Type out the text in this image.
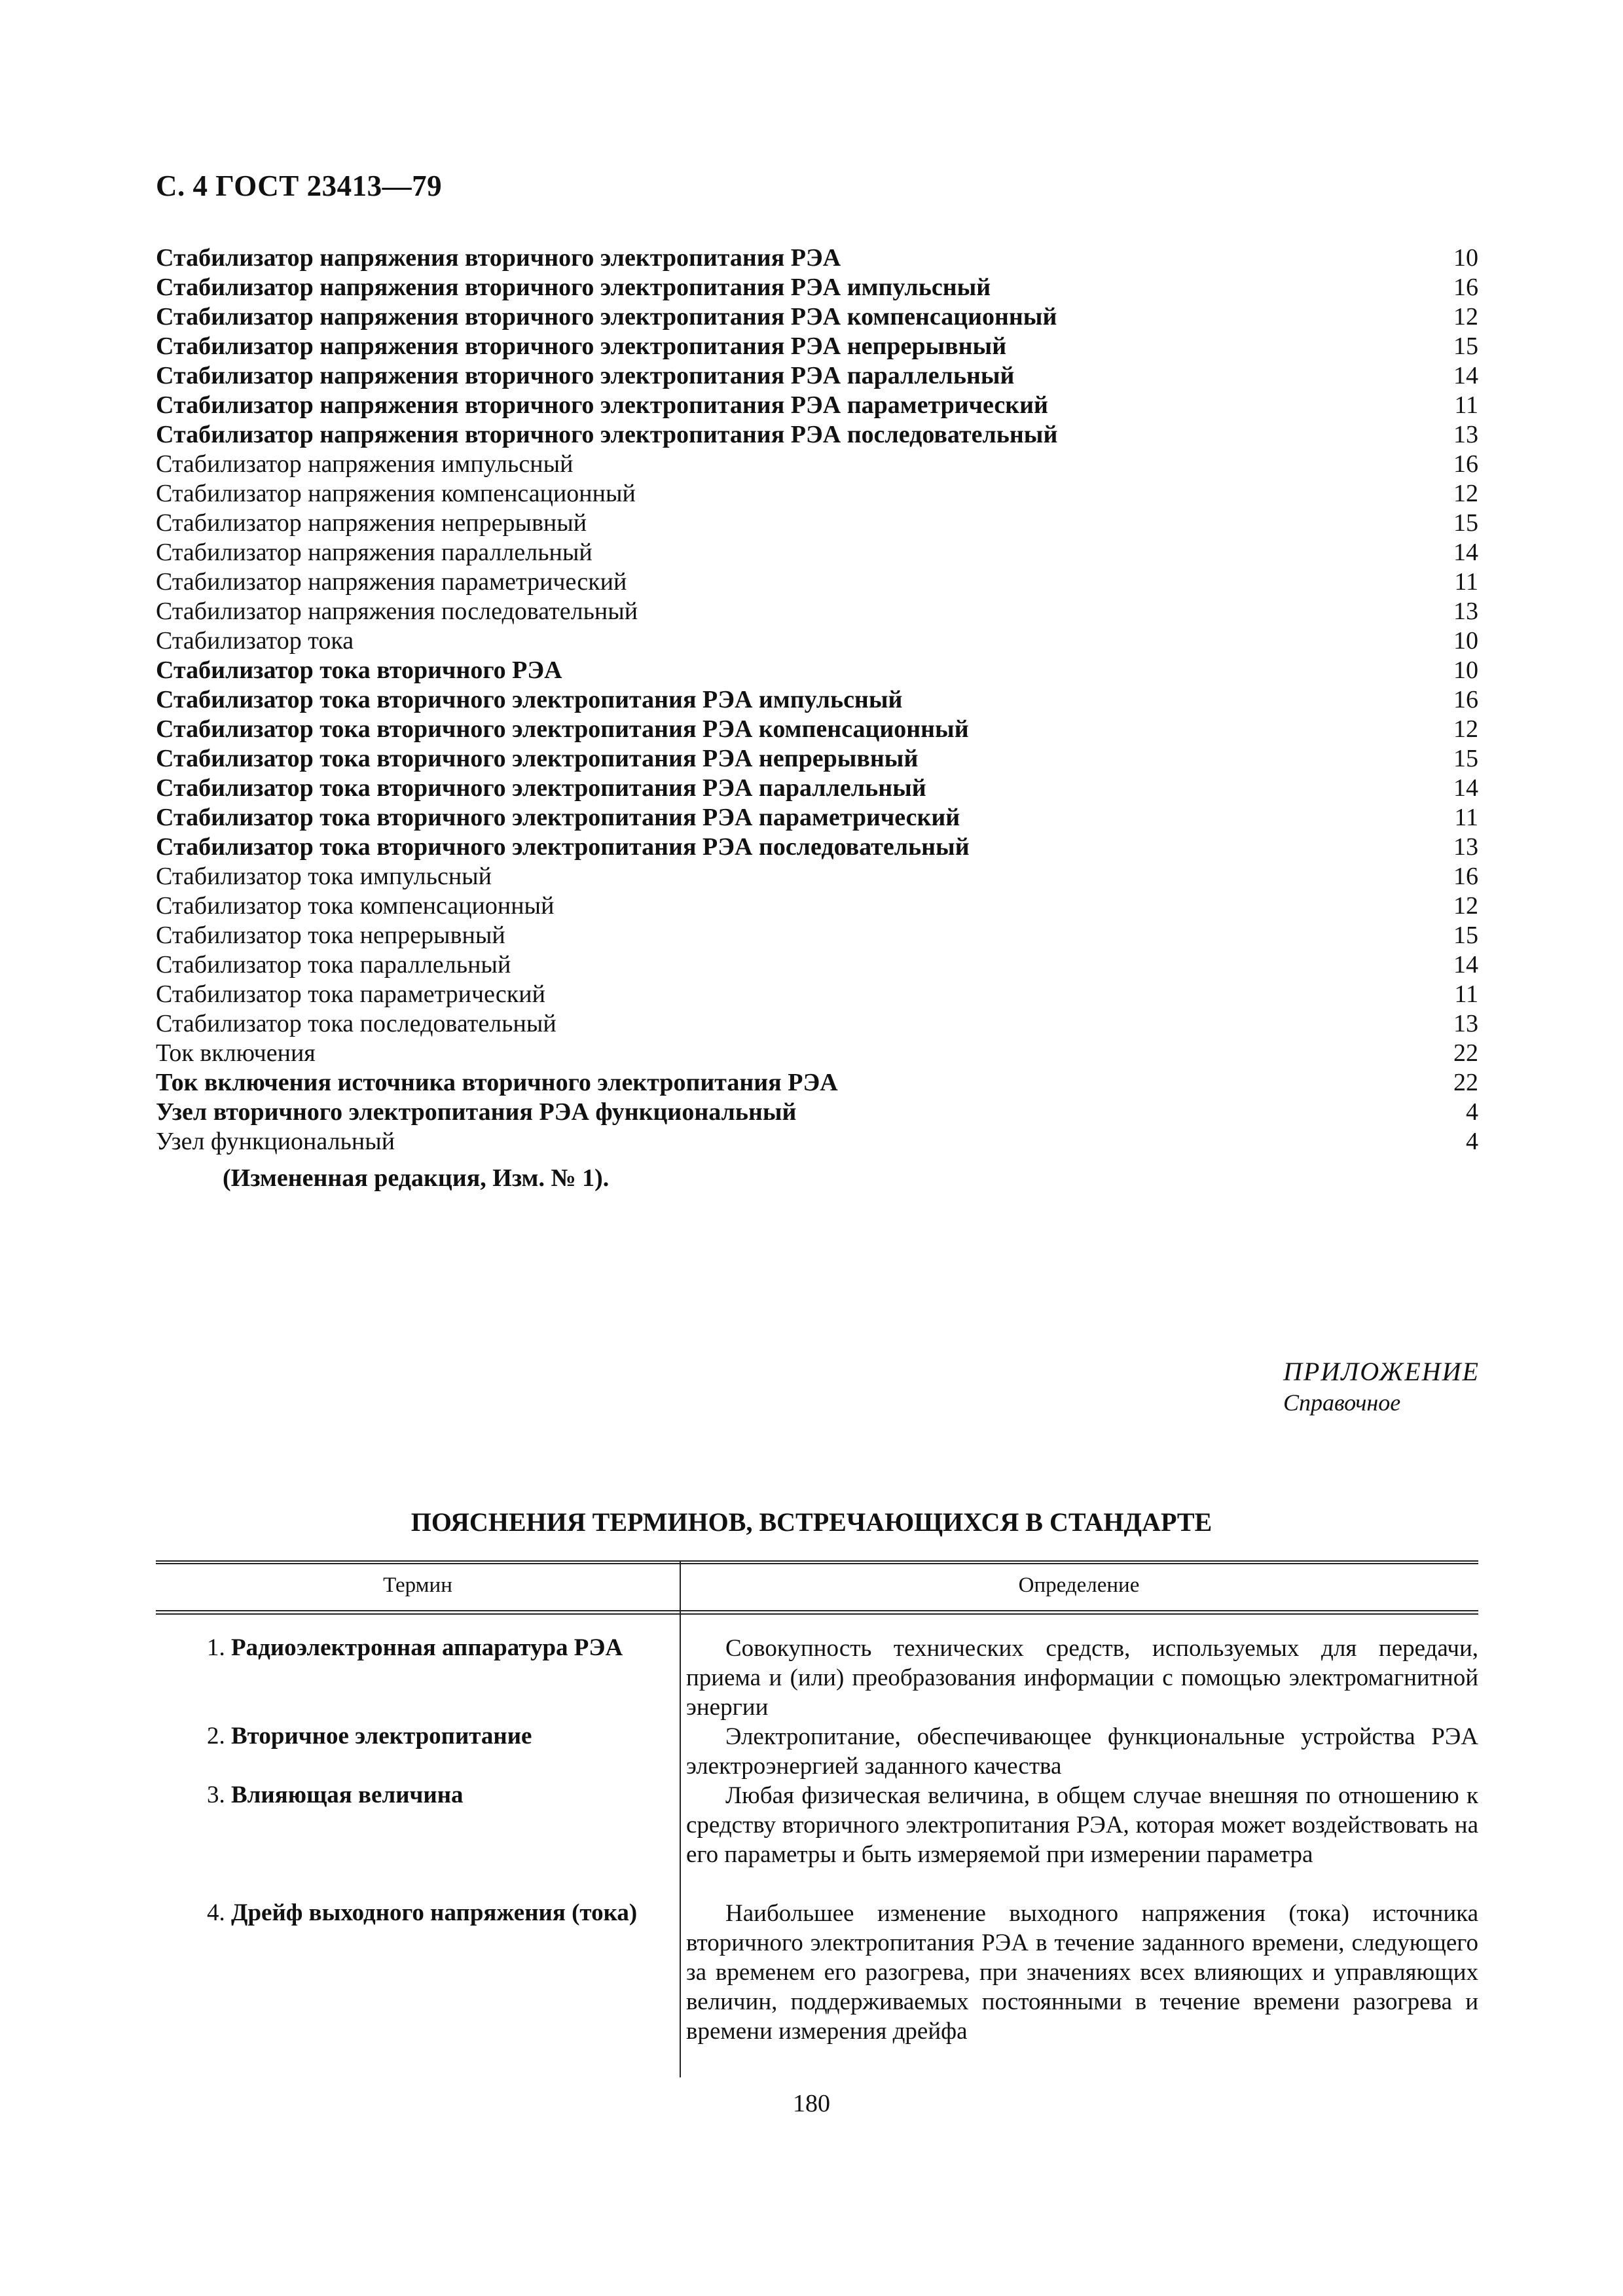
С. 4 ГОСТ 23413—79
Стабилизатор напряжения вторичного электропитания РЭА	10
Стабилизатор напряжения вторичного электропитания РЭА импульсный	16
Стабилизатор напряжения вторичного электропитания РЭА компенсационный	12
Стабилизатор напряжения вторичного электропитания РЭА непрерывный	15
Стабилизатор напряжения вторичного электропитания РЭА параллельный	14
Стабилизатор напряжения вторичного электропитания РЭА параметрический	11
Стабилизатор напряжения вторичного электропитания РЭА последовательный	13
Стабилизатор напряжения импульсный	16
Стабилизатор напряжения компенсационный	12
Стабилизатор напряжения непрерывный	15
Стабилизатор напряжения параллельный	14
Стабилизатор напряжения параметрический	11
Стабилизатор напряжения последовательный	13
Стабилизатор тока	10
Стабилизатор тока вторичного РЭА	10
Стабилизатор тока вторичного электропитания РЭА импульсный	16
Стабилизатор тока вторичного электропитания РЭА компенсационный	12
Стабилизатор тока вторичного электропитания РЭА непрерывный	15
Стабилизатор тока вторичного электропитания РЭА параллельный	14
Стабилизатор тока вторичного электропитания РЭА параметрический	11
Стабилизатор тока вторичного электропитания РЭА последовательный	13
Стабилизатор тока импульсный	16
Стабилизатор тока компенсационный	12
Стабилизатор тока непрерывный	15
Стабилизатор тока параллельный	14
Стабилизатор тока параметрический	11
Стабилизатор тока последовательный	13
Ток включения	22
Ток включения источника вторичного электропитания РЭА	22
Узел вторичного электропитания РЭА функциональный	4
Узел функциональный	4
(Измененная редакция, Изм. № 1).
ПРИЛОЖЕНИЕ
Справочное
ПОЯСНЕНИЯ ТЕРМИНОВ, ВСТРЕЧАЮЩИХСЯ В СТАНДАРТЕ
Термин	Определение
1. Радиоэлектронная аппаратура РЭА	Совокупность технических средств, используемых для передачи, приема и (или) преобразования информации с помощью электромагнитной энергии
2. Вторичное электропитание	Электропитание, обеспечивающее функциональные устройства РЭА электроэнергией заданного качества
3. Влияющая величина	Любая физическая величина, в общем случае внешняя по отношению к средству вторичного электропитания РЭА, которая может воздействовать на его параметры и быть измеряемой при измерении параметра
4. Дрейф выходного напряжения (тока)	Наибольшее изменение выходного напряжения (тока) источника вторичного электропитания РЭА в течение заданного времени, следующего за временем его разогрева, при значениях всех влияющих и управляющих величин, поддерживаемых постоянными в течение времени разогрева и времени измерения дрейфа
180
